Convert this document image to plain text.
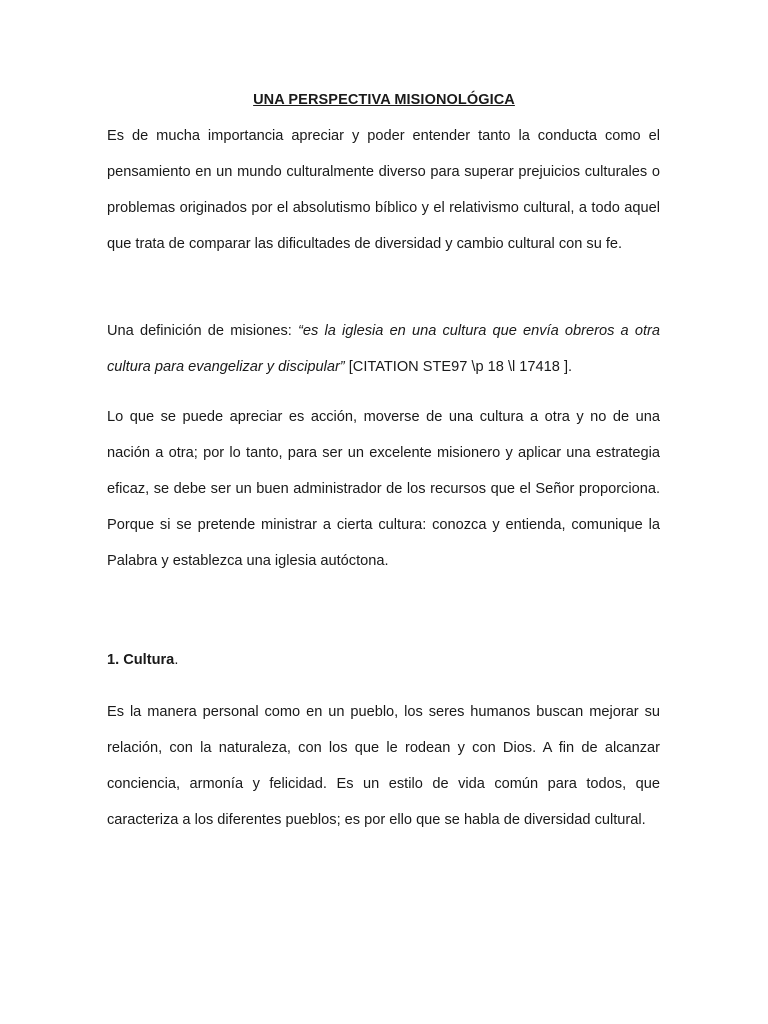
UNA PERSPECTIVA MISIONOLÓGICA

Es de mucha importancia apreciar y poder entender tanto la conducta como el pensamiento en un mundo culturalmente diverso para superar prejuicios culturales o problemas originados por el absolutismo bíblico y el relativismo cultural, a todo aquel que trata de comparar las dificultades de diversidad y cambio cultural con su fe.

Una definición de misiones: “es la iglesia en una cultura que envía obreros a otra cultura para evangelizar y discipular” [CITATION STE97 \p 18 \l 17418 ].

Lo que se puede apreciar es acción, moverse de una cultura a otra y no de una nación a otra; por lo tanto, para ser un excelente misionero y aplicar una estrategia eficaz, se debe ser un buen administrador de los recursos que el Señor proporciona. Porque si se pretende ministrar a cierta cultura: conozca y entienda, comunique la Palabra y establezca una iglesia autóctona.

1. Cultura.

Es la manera personal como en un pueblo, los seres humanos buscan mejorar su relación, con la naturaleza, con los que le rodean y con Dios. A fin de alcanzar conciencia, armonía y felicidad. Es un estilo de vida común para todos, que caracteriza a los diferentes pueblos; es por ello que se habla de diversidad cultural.
